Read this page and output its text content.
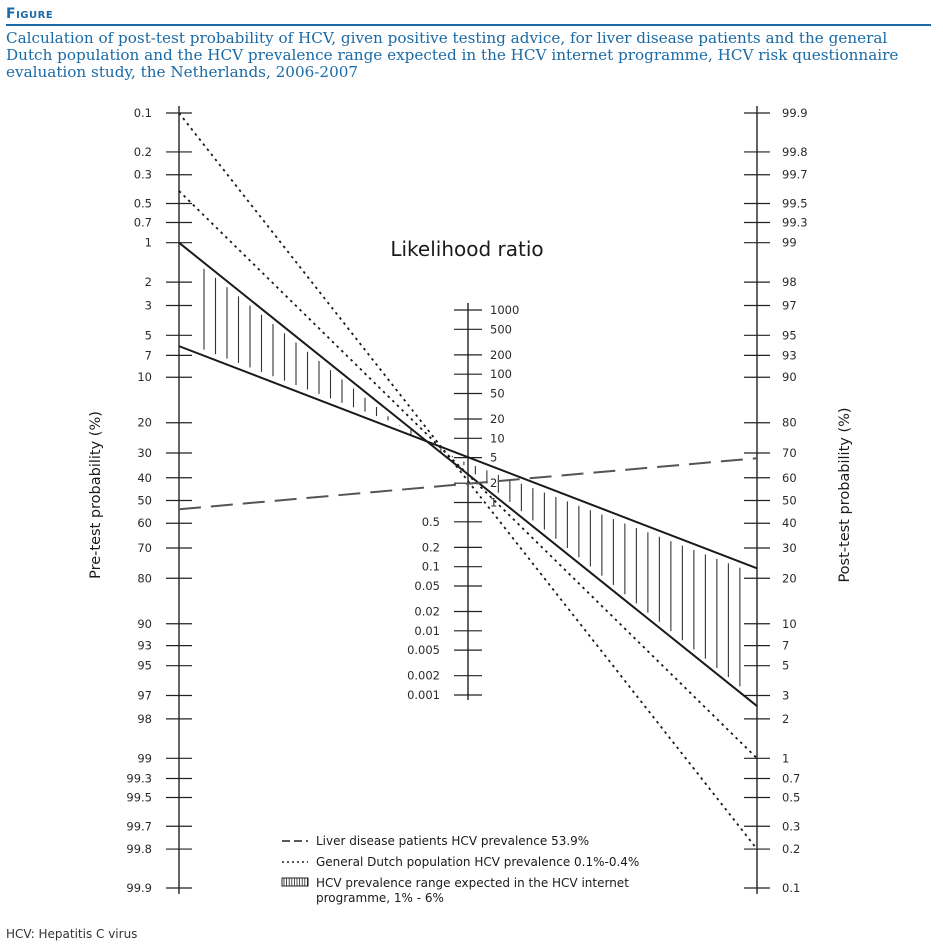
Figure
Calculation of post-test probability of HCV, given positive testing advice, for liver disease patients and the general Dutch population and the HCV prevalence range expected in the HCV internet programme, HCV risk questionnaire evaluation study, the Netherlands, 2006-2007
0.1
0.2
0.3
0.5
0.7
1
2
3
5
7
10
20
30
40
50
60
70
80
90
93
95
97
98
99
99.3
99.5
99.7
99.8
99.9
99.9
99.8
99.7
99.5
99.3
99
98
97
95
93
90
80
70
60
50
40
30
20
10
7
5
3
2
1
0.7
0.5
0.3
0.2
0.1
1000
500
200
100
50
20
10
5
2
1
0.5
0.2
0.1
0.05
0.02
0.01
0.005
0.002
0.001
Pre-test probability (%)	Post-test probability (%)
Likelihood ratio
Liver disease patients HCV prevalence 53.9%
General Dutch population HCV prevalence 0.1%-0.4%
HCV prevalence range expected in the HCV internet
programme, 1% - 6%
HCV: Hepatitis C virus
